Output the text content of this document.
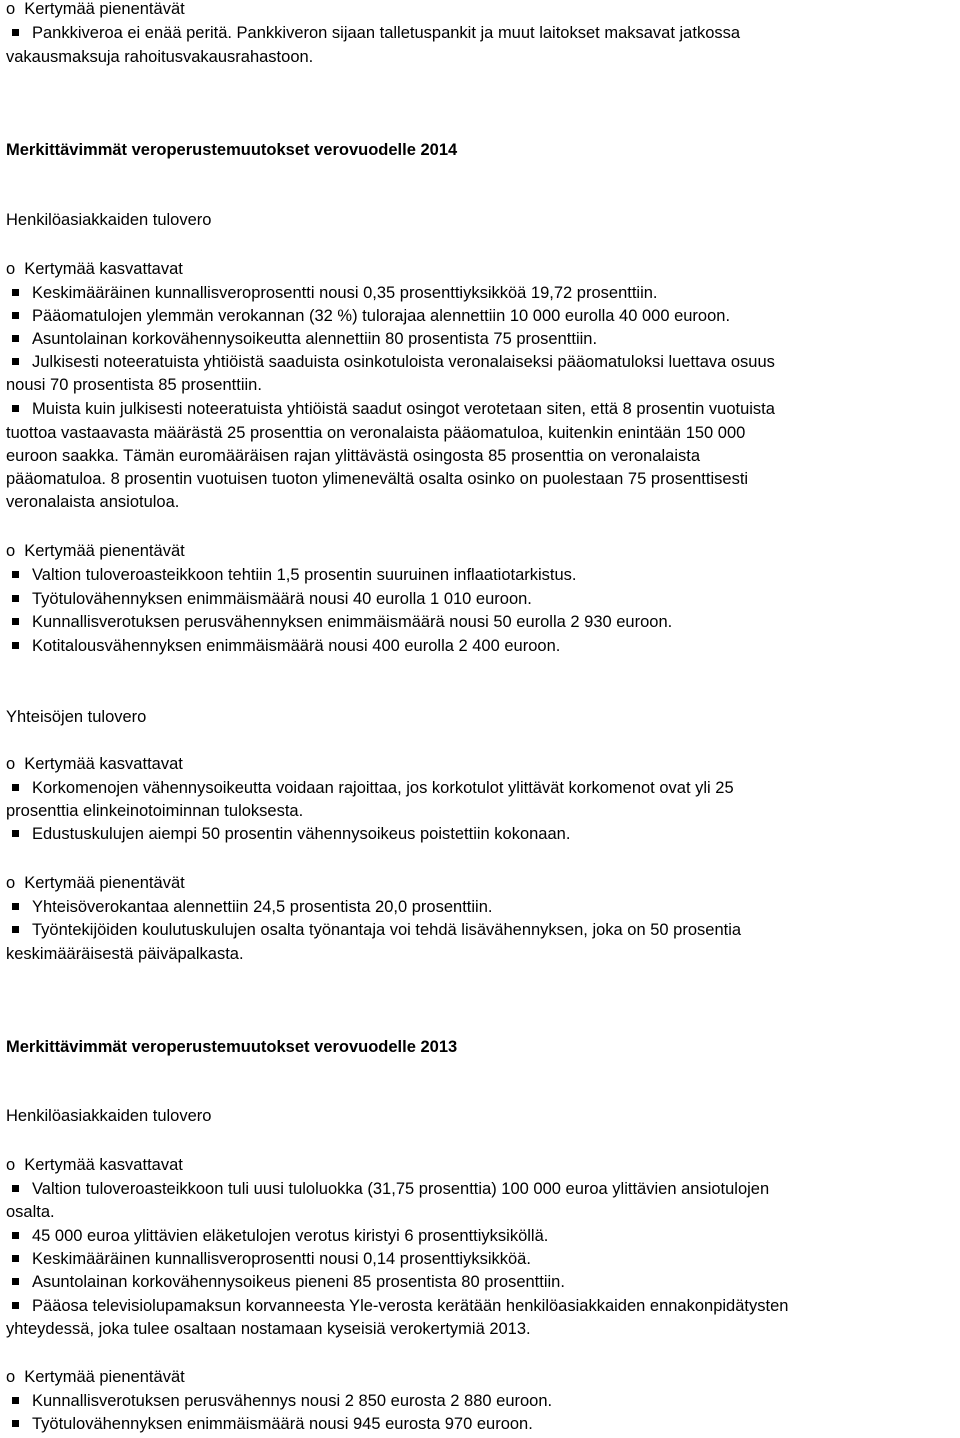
o Kertymää pienentävät
Pankkiveroa ei enää peritä. Pankkiveron sijaan talletuspankit ja muut laitokset maksavat jatkossa
vakausmaksuja rahoitusvakausrahastoon.
Merkittävimmät veroperustemuutokset verovuodelle 2014
Henkilöasiakkaiden tulovero
o Kertymää kasvattavat
Keskimääräinen kunnallisveroprosentti nousi 0,35 prosenttiyksikköä 19,72 prosenttiin.
Pääomatulojen ylemmän verokannan (32 %) tulorajaa alennettiin 10 000 eurolla 40 000 euroon.
Asuntolainan korkovähennysoikeutta alennettiin 80 prosentista 75 prosenttiin.
Julkisesti noteeratuista yhtiöistä saaduista osinkotuloista veronalaiseksi pääomatuloksi luettava osuus
nousi 70 prosentista 85 prosenttiin.
Muista kuin julkisesti noteeratuista yhtiöistä saadut osingot verotetaan siten, että 8 prosentin vuotuista
tuottoa vastaavasta määrästä 25 prosenttia on veronalaista pääomatuloa, kuitenkin enintään 150 000
euroon saakka. Tämän euromääräisen rajan ylittävästä osingosta 85 prosenttia on veronalaista
pääomatuloa. 8 prosentin vuotuisen tuoton ylimenevältä osalta osinko on puolestaan 75 prosenttisesti
veronalaista ansiotuloa.
o Kertymää pienentävät
Valtion tuloveroasteikkoon tehtiin 1,5 prosentin suuruinen inflaatiotarkistus.
Työtulovähennyksen enimmäismäärä nousi 40 eurolla 1 010 euroon.
Kunnallisverotuksen perusvähennyksen enimmäismäärä nousi 50 eurolla 2 930 euroon.
Kotitalousvähennyksen enimmäismäärä nousi 400 eurolla 2 400 euroon.
Yhteisöjen tulovero
o Kertymää kasvattavat
Korkomenojen vähennysoikeutta voidaan rajoittaa, jos korkotulot ylittävät korkomenot ovat yli 25
prosenttia elinkeinotoiminnan tuloksesta.
Edustuskulujen aiempi 50 prosentin vähennysoikeus poistettiin kokonaan.
o Kertymää pienentävät
Yhteisöverokantaa alennettiin 24,5 prosentista 20,0 prosenttiin.
Työntekijöiden koulutuskulujen osalta työnantaja voi tehdä lisävähennyksen, joka on 50 prosentia
keskimääräisestä päiväpalkasta.
Merkittävimmät veroperustemuutokset verovuodelle 2013
Henkilöasiakkaiden tulovero
o Kertymää kasvattavat
Valtion tuloveroasteikkoon tuli uusi tuloluokka (31,75 prosenttia) 100 000 euroa ylittävien ansiotulojen
osalta.
45 000 euroa ylittävien eläketulojen verotus kiristyi 6 prosenttiyksiköllä.
Keskimääräinen kunnallisveroprosentti nousi 0,14 prosenttiyksikköä.
Asuntolainan korkovähennysoikeus pieneni 85 prosentista 80 prosenttiin.
Pääosa televisiolupamaksun korvanneesta Yle-verosta kerätään henkilöasiakkaiden ennakonpidätysten
yhteydessä, joka tulee osaltaan nostamaan kyseisiä verokertymiä 2013.
o Kertymää pienentävät
Kunnallisverotuksen perusvähennys nousi 2 850 eurosta 2 880 euroon.
Työtulovähennyksen enimmäismäärä nousi 945 eurosta 970 euroon.
